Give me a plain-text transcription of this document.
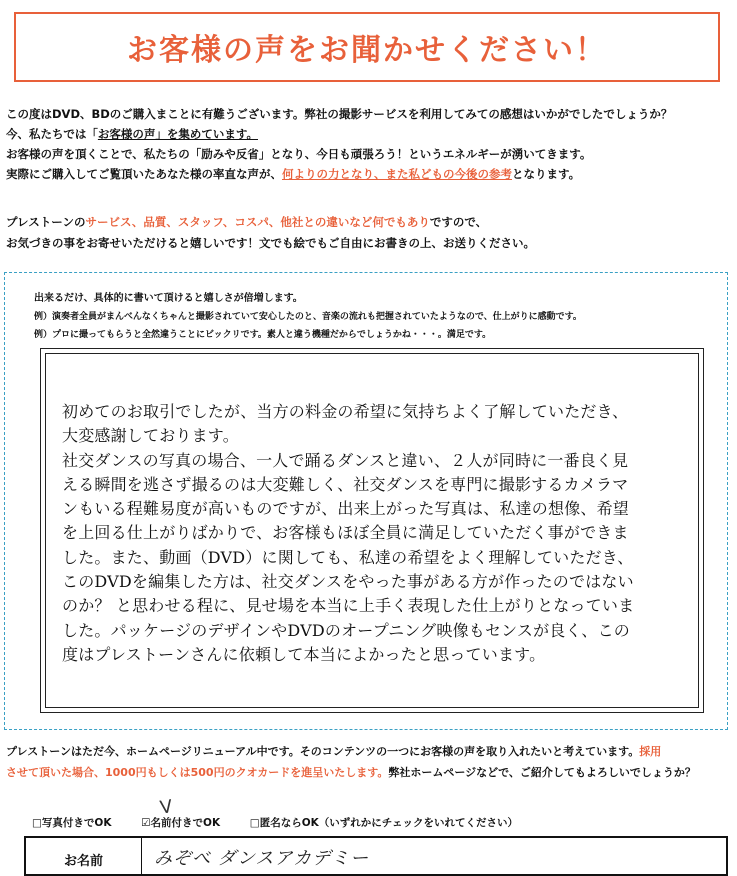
お客様の声をお聞かせください！

この度はDVD、BDのご購入まことに有難うございます。弊社の撮影サービスを利用してみての感想はいかがでしたでしょうか？

今、私たちでは「お客様の声」を集めています。

お客様の声を頂くことで、私たちの「励みや反省」となり、今日も頑張ろう！というエネルギーが湧いてきます。

実際にご購入してご覧頂いたあなた様の率直な声が、何よりの力となり、また私どもの今後の参考となります。

プレストーンのサービス、品質、スタッフ、コスパ、他社との違いなど何でもありですので、

お気づきの事をお寄せいただけると嬉しいです！文でも絵でもご自由にお書きの上、お送りください。

出来るだけ、具体的に書いて頂けると嬉しさが倍増します。

例）演奏者全員がまんべんなくちゃんと撮影されていて安心したのと、音楽の流れも把握されていたようなので、仕上がりに感動です。

例）プロに撮ってもらうと全然違うことにビックリです。素人と違う機種だからでしょうかね・・・。満足です。

初めてのお取引でしたが、当方の料金の希望に気持ちよく了解していただき、

大変感謝しております。

社交ダンスの写真の場合、一人で踊るダンスと違い、２人が同時に一番良く見

える瞬間を逃さず撮るのは大変難しく、社交ダンスを専門に撮影するカメラマ

ンもいる程難易度が高いものですが、出来上がった写真は、私達の想像、希望

を上回る仕上がりばかりで、お客様もほぼ全員に満足していただく事ができま

した。また、動画（DVD）に関しても、私達の希望をよく理解していただき、

このDVDを編集した方は、社交ダンスをやった事がある方が作ったのではない

のか？ と思わせる程に、見せ場を本当に上手く表現した仕上がりとなっていま

した。パッケージのデザインやDVDのオープニング映像もセンスが良く、この

度はプレストーンさんに依頼して本当によかったと思っています。

プレストーンはただ今、ホームページリニューアル中です。そのコンテンツの一つにお客様の声を取り入れたいと考えています。採用

させて頂いた場合、1000円もしくは500円のクオカードを進呈いたします。弊社ホームページなどで、ご紹介してもよろしいでしょうか？

V
□写真付きでOK	☑名前付きでOK	□匿名ならOK（いずれかにチェックをいれてください）
お名前	みぞべ ダンスアカデミー
